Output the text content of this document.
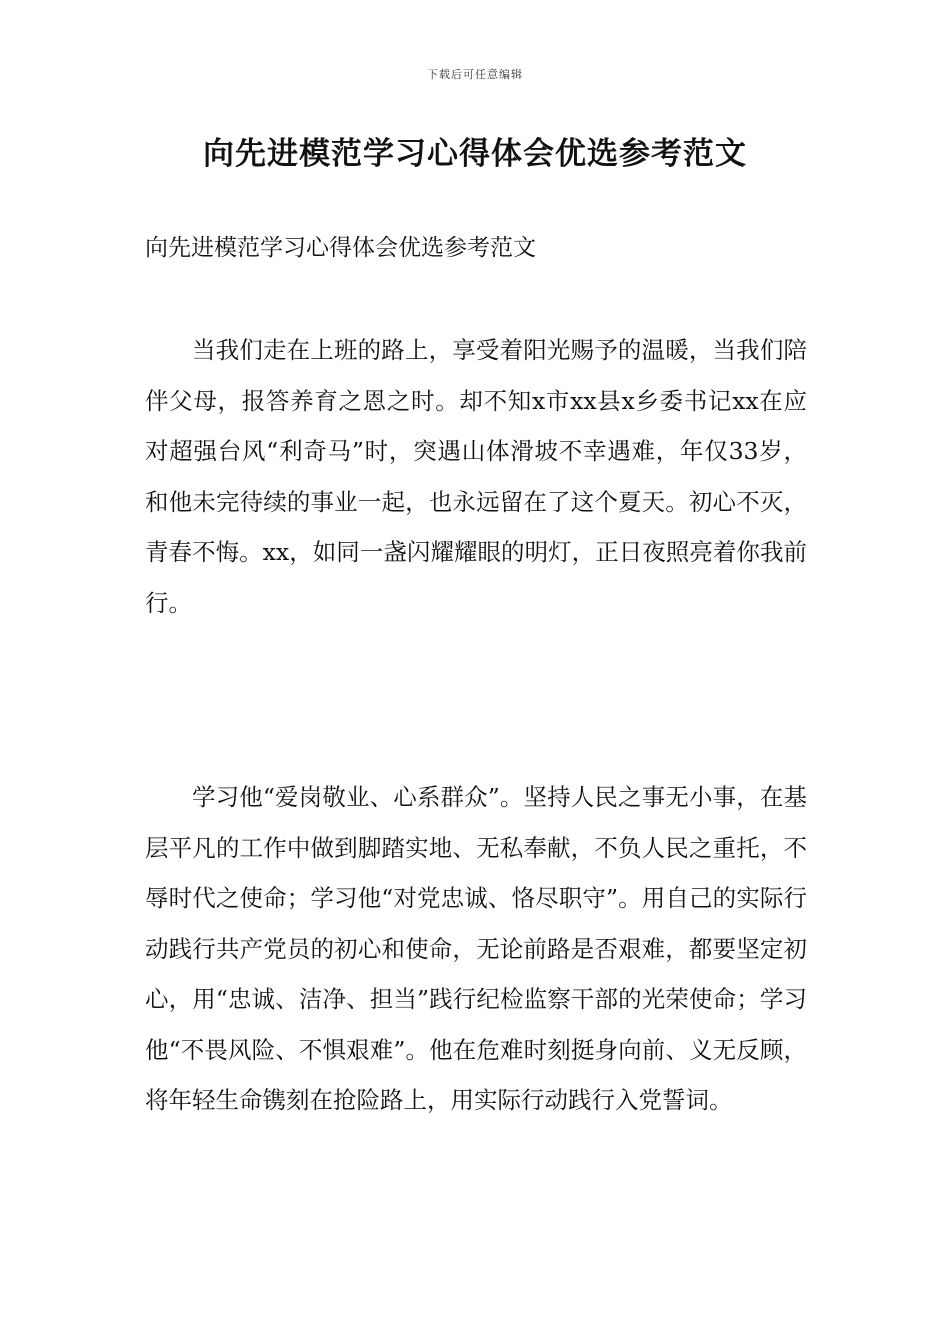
下载后可任意编辑
向先进模范学习心得体会优选参考范文
向先进模范学习心得体会优选参考范文

当我们走在上班的路上，享受着阳光赐予的温暖，当我们陪伴父母，报答养育之恩之时。却不知x市xx县x乡委书记xx在应对超强台风“利奇马”时，突遇山体滑坡不幸遇难，年仅33岁，和他未完待续的事业一起，也永远留在了这个夏天。初心不灭，青春不悔。xx，如同一盏闪耀耀眼的明灯，正日夜照亮着你我前行。

学习他“爱岗敬业、心系群众”。坚持人民之事无小事，在基层平凡的工作中做到脚踏实地、无私奉献，不负人民之重托，不辱时代之使命；学习他“对党忠诚、恪尽职守”。用自己的实际行动践行共产党员的初心和使命，无论前路是否艰难，都要坚定初心，用“忠诚、洁净、担当”践行纪检监察干部的光荣使命；学习他“不畏风险、不惧艰难”。他在危难时刻挺身向前、义无反顾，将年轻生命镌刻在抢险路上，用实际行动践行入党誓词。
